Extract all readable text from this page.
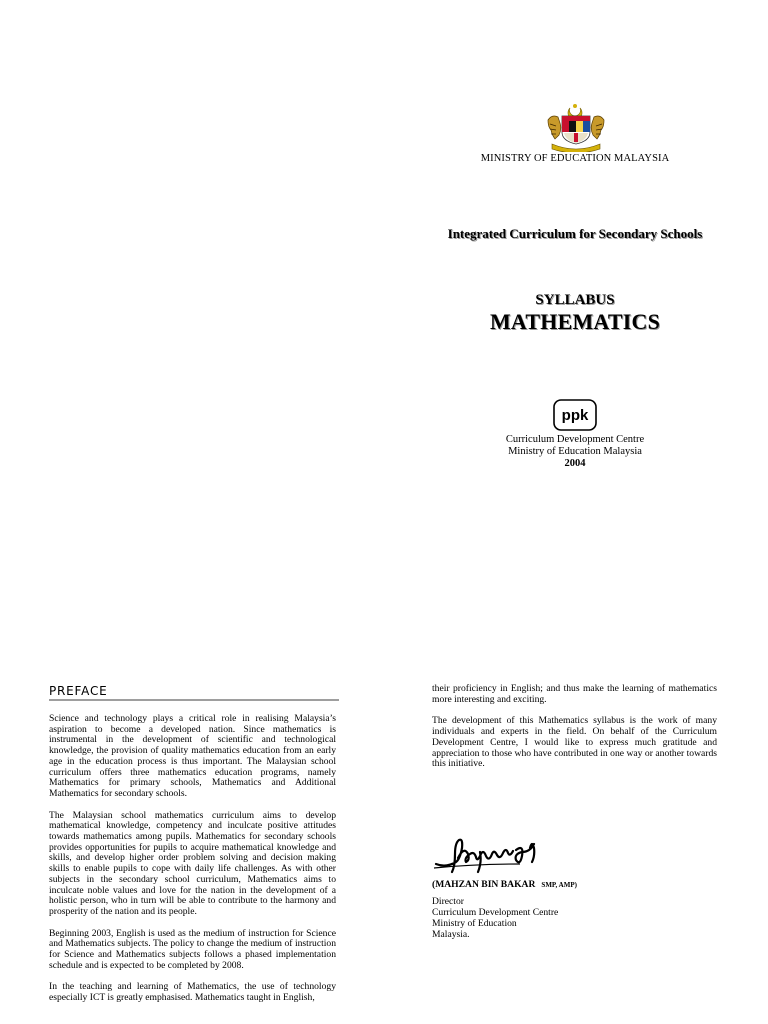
MINISTRY OF EDUCATION MALAYSIA
Integrated Curriculum for Secondary Schools
SYLLABUS
MATHEMATICS
ppk
Curriculum Development Centre
Ministry of Education Malaysia
2004
PREFACE

Science and technology plays a critical role in realising Malaysia’s aspiration to become a developed nation. Since mathematics is instrumental in the development of scientific and technological knowledge, the provision of quality mathematics education from an early age in the education process is thus important. The Malaysian school curriculum offers three mathematics education programs, namely Mathematics for primary schools, Mathematics and Additional Mathematics for secondary schools.

The Malaysian school mathematics curriculum aims to develop mathematical knowledge, competency and inculcate positive attitudes towards mathematics among pupils. Mathematics for secondary schools provides opportunities for pupils to acquire mathematical knowledge and skills, and develop higher order problem solving and decision making skills to enable pupils to cope with daily life challenges. As with other subjects in the secondary school curriculum, Mathematics aims to inculcate noble values and love for the nation in the development of a holistic person, who in turn will be able to contribute to the harmony and prosperity of the nation and its people.

Beginning 2003, English is used as the medium of instruction for Science and Mathematics subjects. The policy to change the medium of instruction for Science and Mathematics subjects follows a phased implementation schedule and is expected to be completed by 2008.

In the teaching and learning of Mathematics, the use of technology especially ICT is greatly emphasised. Mathematics taught in English,

their proficiency in English; and thus make the learning of mathematics more interesting and exciting.

The development of this Mathematics syllabus is the work of many individuals and experts in the field. On behalf of the Curriculum Development Centre, I would like to express much gratitude and appreciation to those who have contributed in one way or another towards this initiative.

(MAHZAN BIN BAKAR SMP, AMP)
Director
Curriculum Development Centre
Ministry of Education
Malaysia.
